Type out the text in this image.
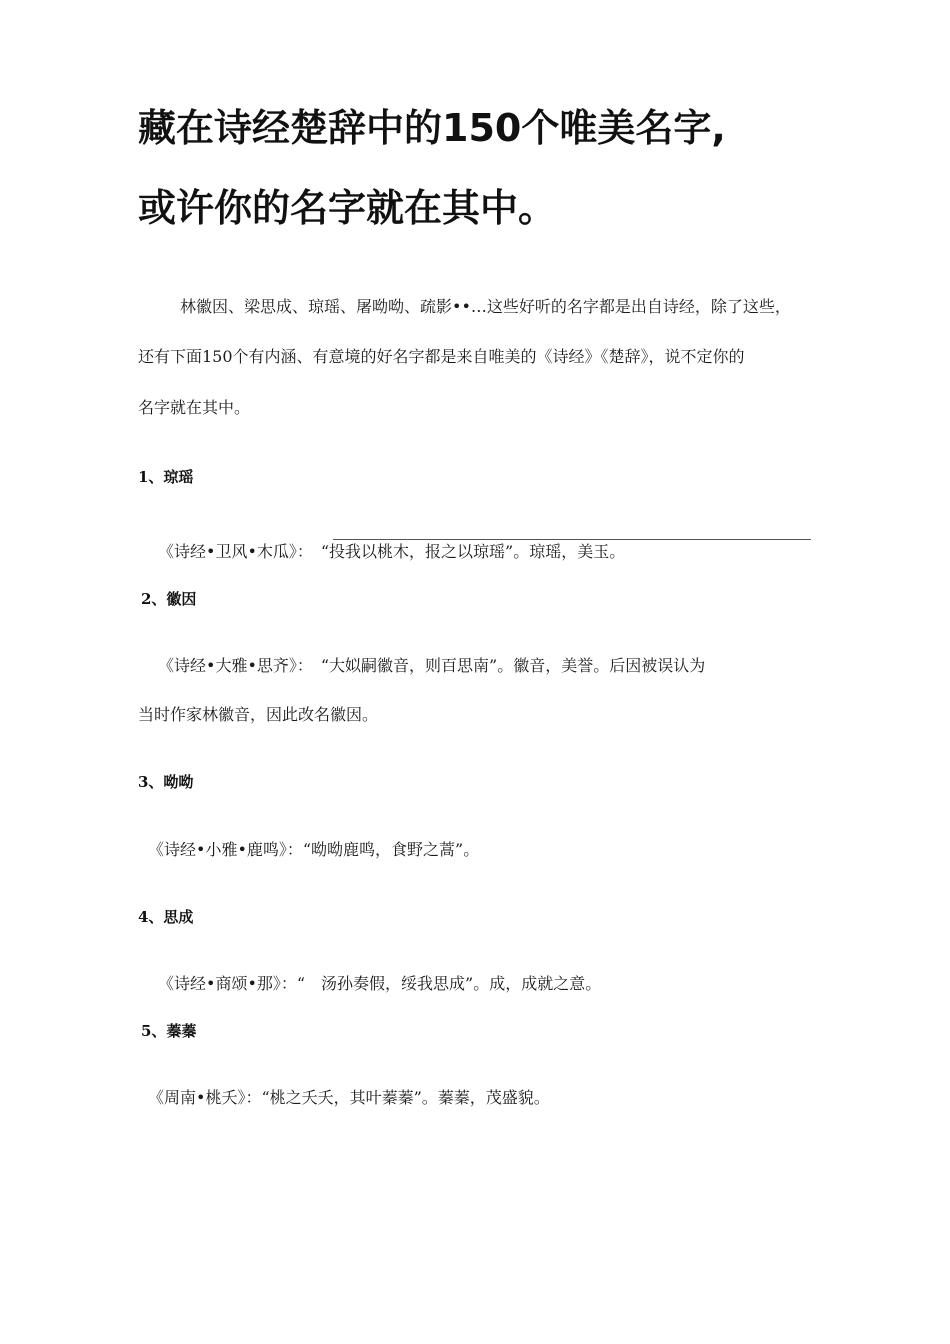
藏在诗经楚辞中的150个唯美名字,
或许你的名字就在其中。

林徽因、梁思成、琼瑶、屠呦呦、疏影••…这些好听的名字都是出自诗经，除了这些，

还有下面150个有内涵、有意境的好名字都是来自唯美的《诗经》《楚辞》，说不定你的

名字就在其中。

1、琼瑶

《诗经•卫风•木瓜》：　“投我以桃木，报之以琼瑶”。琼瑶，美玉。

2、徽因

《诗经•大雅•思齐》：　“大姒嗣徽音，则百思南”。徽音，美誉。后因被误认为

当时作家林徽音，因此改名徽因。

3、呦呦

《诗经•小雅•鹿鸣》：“呦呦鹿鸣，食野之蒿”。

4、思成

《诗经•商颂•那》：“　汤孙奏假，绥我思成”。成，成就之意。

5、蓁蓁

《周南•桃夭》：“桃之夭夭，其叶蓁蓁”。蓁蓁，茂盛貌。
